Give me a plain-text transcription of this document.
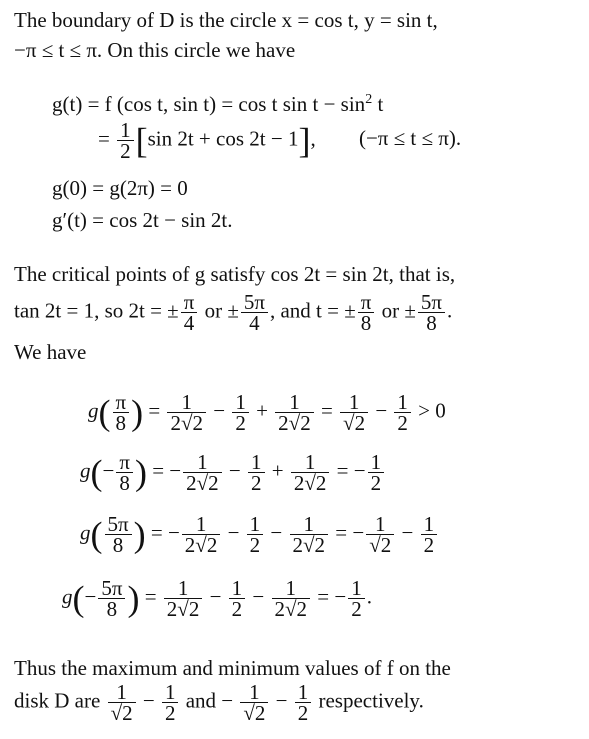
The boundary of D is the circle x = cos t, y = sin t,
−π ≤ t ≤ π. On this circle we have
g(t) = f (cos t, sin t) = cos t $\sin t - \sin^2 t$
= $\frac{1}{2} [\sin$ 2t + cos 2t − 1], (−π ≤ t ≤ π).
g(0) = g(2π) = 0
g′(t) = cos 2t − sin 2t.
The critical points of g satisfy cos 2t = sin 2t, that is,
tan 2t = 1, so 2t = ± $\frac{\pi}{4}$ or ± $\frac{5\pi}{4}$ , and t = ± $\frac{\pi}{8}$ or ± $\frac{5\pi}{8}$ .
We have
$g( \frac{\pi}{8}$ ) = $\frac{1}{2√2} - \frac{1}{2} + \frac{1}{2√2} = \frac{1}{√2} - \frac{1}{2} > 0$
$g(- \frac{\pi}{8}$ ) = − $\frac{1}{2√2} - \frac{1}{2} + \frac{1}{2√2}$ = − $\frac{1}{2}$
$g( \frac{5\pi}{8}$ ) = − $\frac{1}{2√2} - \frac{1}{2} - \frac{1}{2√2}$ = − $\frac{1}{√2} - \frac{1}{2}$
$g(- \frac{5\pi}{8}$ ) = $\frac{1}{2√2} - \frac{1}{2} - \frac{1}{2√2}$ = − $\frac{1}{2}$ .
Thus the maximum and minimum values of f on the
disk D are $\frac{1}{√2} - \frac{1}{2}$ and − $\frac{1}{√2} - \frac{1}{2}$ respectively.
